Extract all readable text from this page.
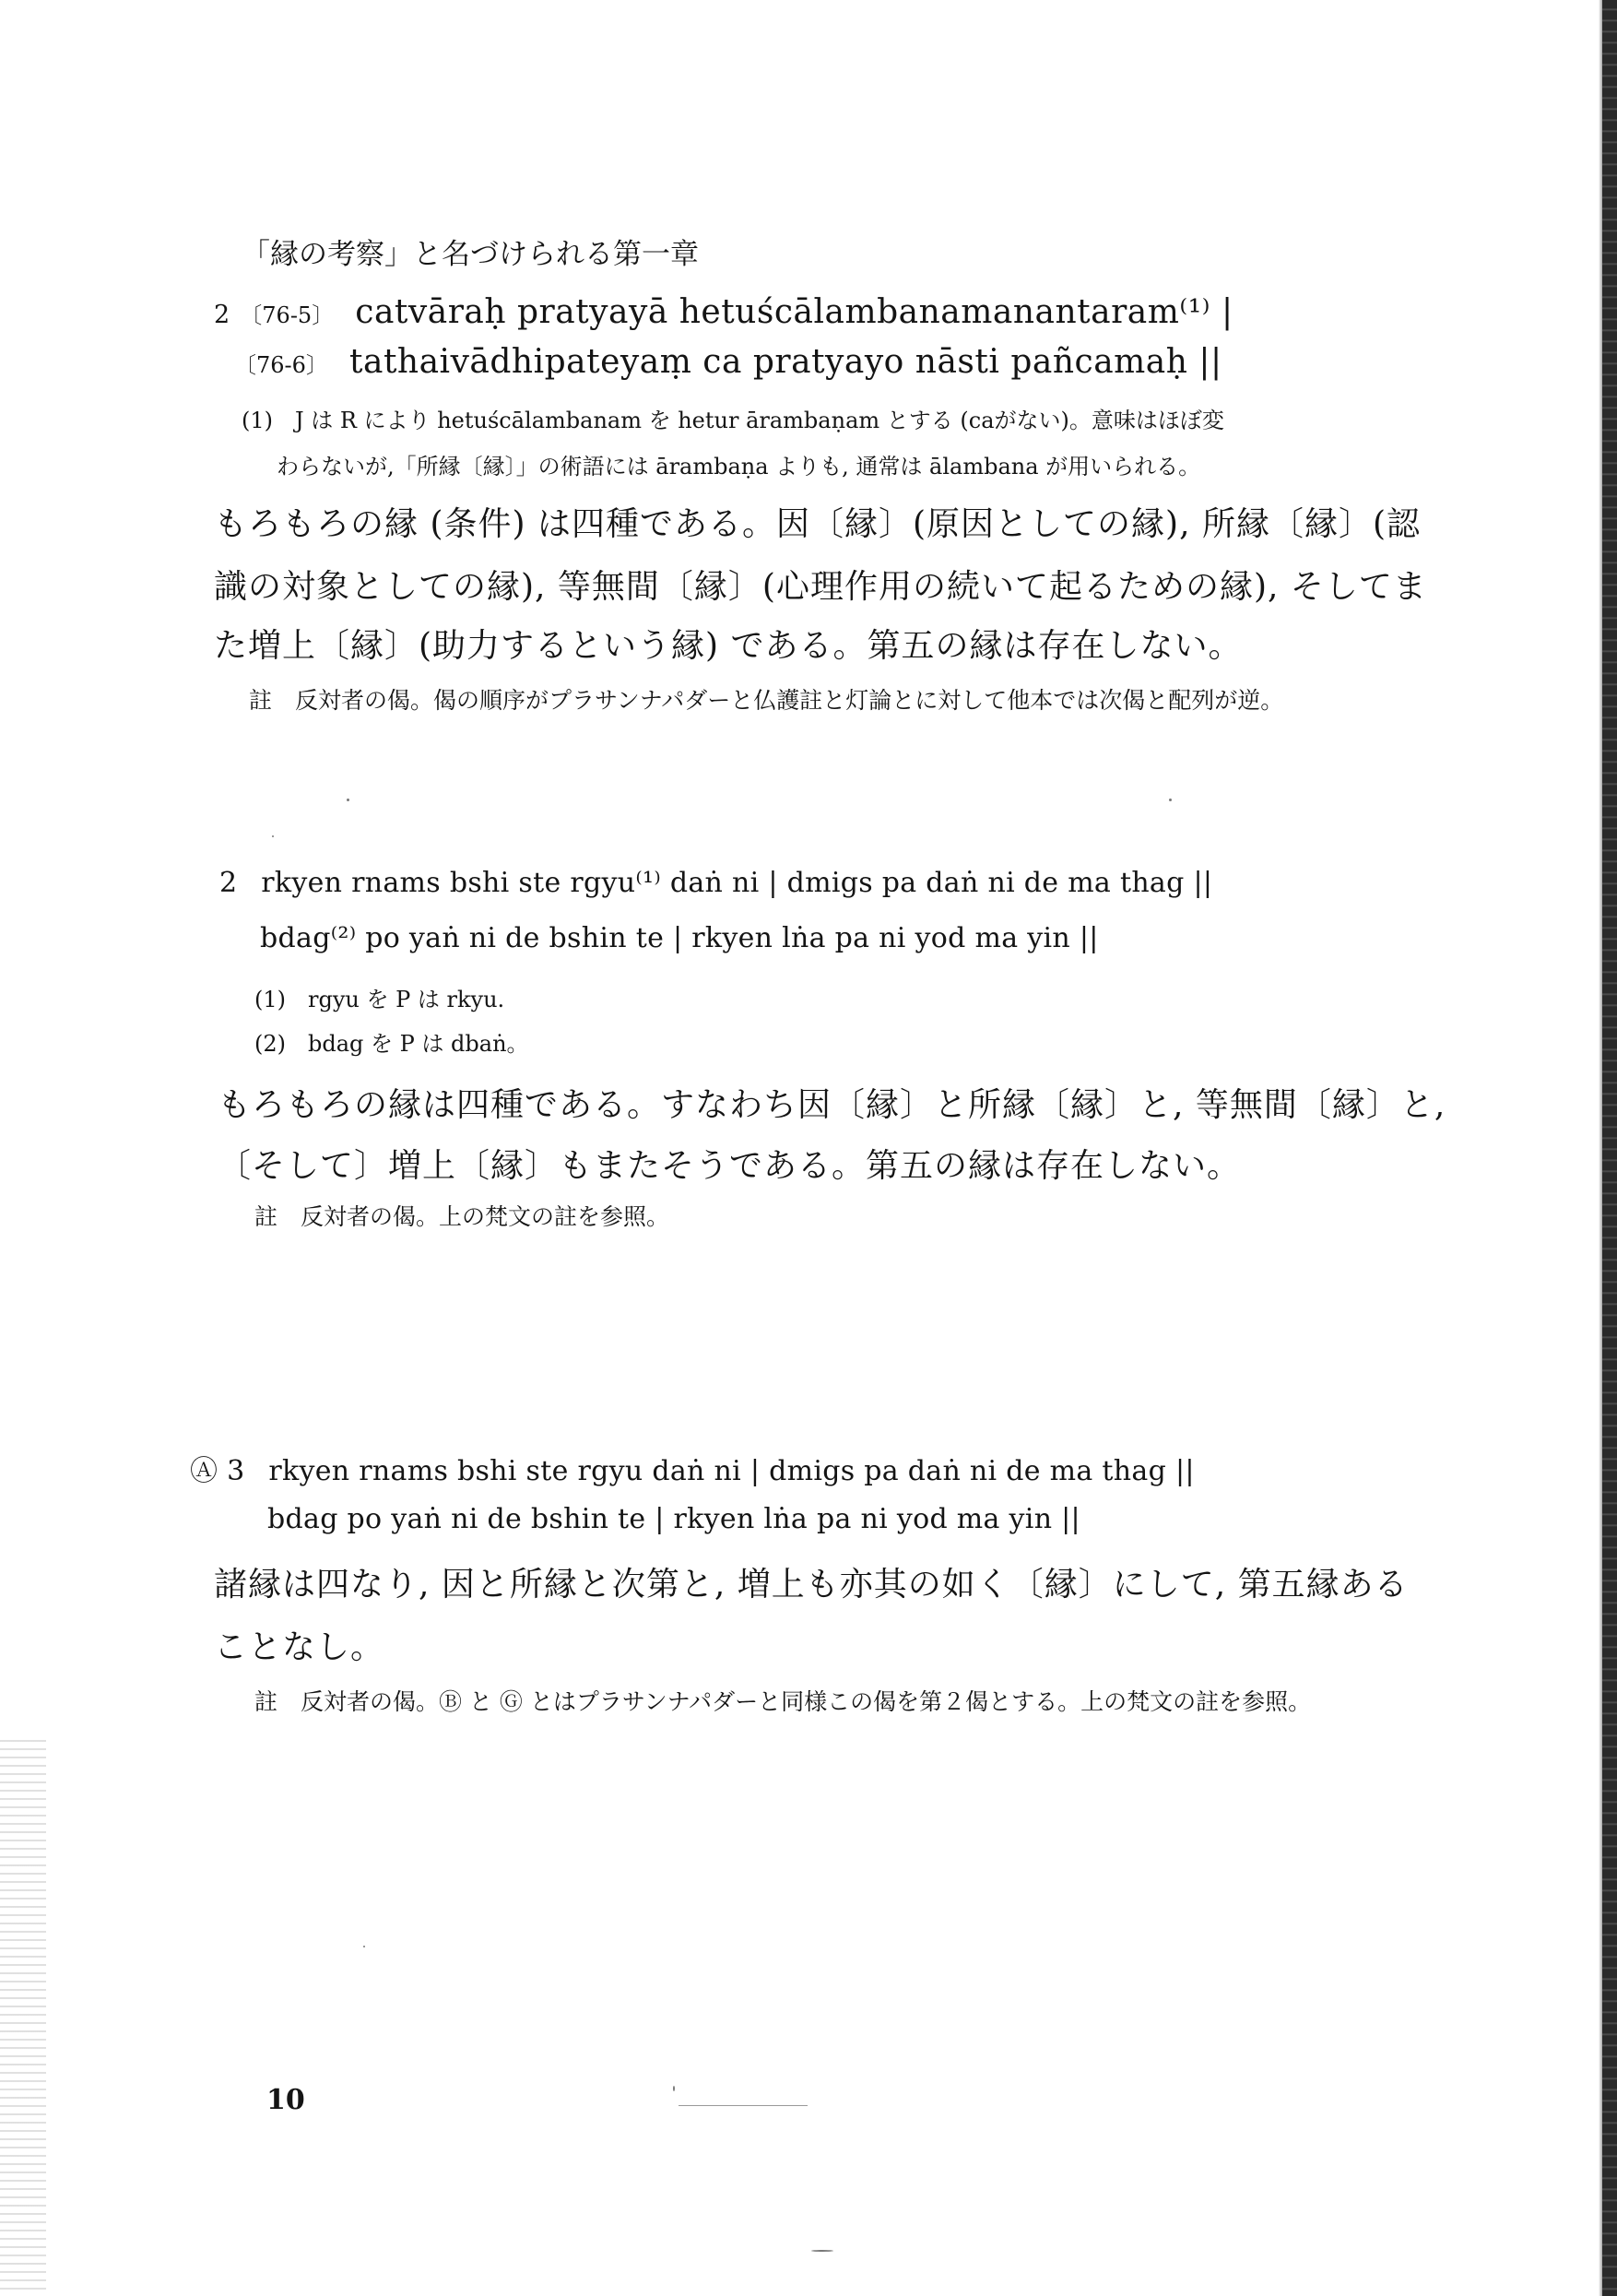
「縁の考察」と名づけられる第一章
2 〔76-5〕 catvāraḥ pratyayā hetuścālambanamanantaram⁽¹⁾ |
〔76-6〕 tathaivādhipateyaṃ ca pratyayo nāsti pañcamaḥ ||
(1)　J は R により hetuścālambanam を hetur ārambaṇam とする (caがない)。意味はほぼ変
わらないが,「所縁〔縁〕」の術語には ārambaṇa よりも, 通常は ālambana が用いられる。
もろもろの縁 (条件) は四種である。因〔縁〕(原因としての縁), 所縁〔縁〕(認
識の対象としての縁), 等無間〔縁〕(心理作用の続いて起るための縁), そしてま
た増上〔縁〕(助力するという縁) である。第五の縁は存在しない。
註　反対者の偈。偈の順序がプラサンナパダーと仏護註と灯論とに対して他本では次偈と配列が逆。
2 rkyen rnams bshi ste rgyu⁽¹⁾ daṅ ni | dmigs pa daṅ ni de ma thag ||
bdag⁽²⁾ po yaṅ ni de bshin te | rkyen lṅa pa ni yod ma yin ||
(1)　rgyu を P は rkyu.
(2)　bdag を P は dbaṅ。
もろもろの縁は四種である。すなわち因〔縁〕と所縁〔縁〕と, 等無間〔縁〕と,
〔そして〕増上〔縁〕もまたそうである。第五の縁は存在しない。
註　反対者の偈。上の梵文の註を参照。
Ⓐ 3 rkyen rnams bshi ste rgyu daṅ ni | dmigs pa daṅ ni de ma thag ||
bdag po yaṅ ni de bshin te | rkyen lṅa pa ni yod ma yin ||
諸縁は四なり, 因と所縁と次第と, 増上も亦其の如く〔縁〕にして, 第五縁ある
ことなし。
註　反対者の偈。Ⓑ と Ⓖ とはプラサンナパダーと同様この偈を第２偈とする。上の梵文の註を参照。
10
